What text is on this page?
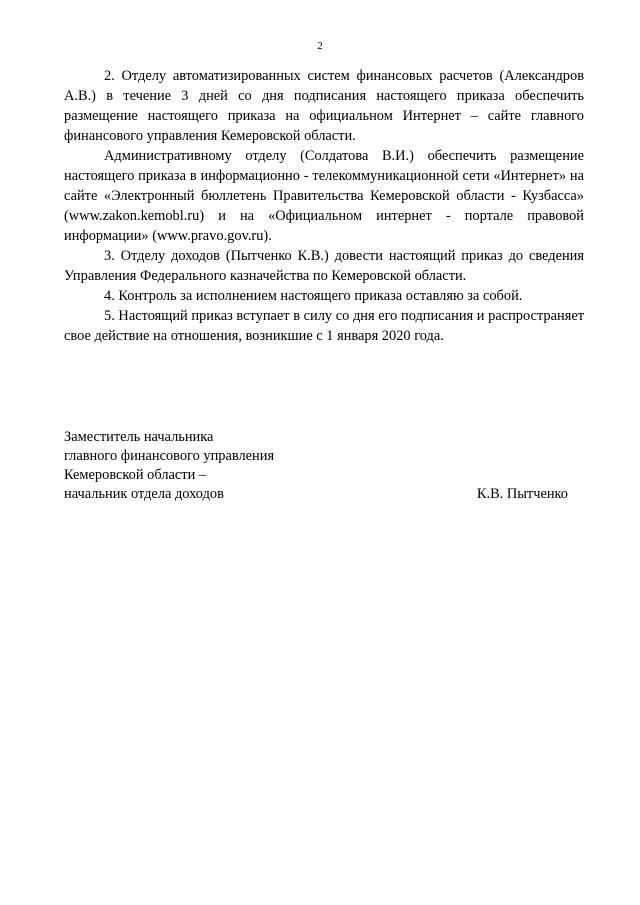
2

2. Отделу автоматизированных систем финансовых расчетов (Александров А.В.) в течение 3 дней со дня подписания настоящего приказа обеспечить размещение настоящего приказа на официальном Интернет – сайте главного финансового управления Кемеровской области.

Административному отделу (Солдатова В.И.) обеспечить размещение настоящего приказа в информационно - телекоммуникационной сети «Интернет» на сайте «Электронный бюллетень Правительства Кемеровской области - Кузбасса» (www.zakon.kemobl.ru) и на «Официальном интернет - портале правовой информации» (www.pravo.gov.ru).

3. Отделу доходов (Пытченко К.В.) довести настоящий приказ до сведения Управления Федерального казначейства по Кемеровской области.

4. Контроль за исполнением настоящего приказа оставляю за собой.

5. Настоящий приказ вступает в силу со дня его подписания и распространяет свое действие на отношения, возникшие с 1 января 2020 года.

Заместитель начальника
главного финансового управления
Кемеровской области –
начальник отдела доходов	К.В. Пытченко
